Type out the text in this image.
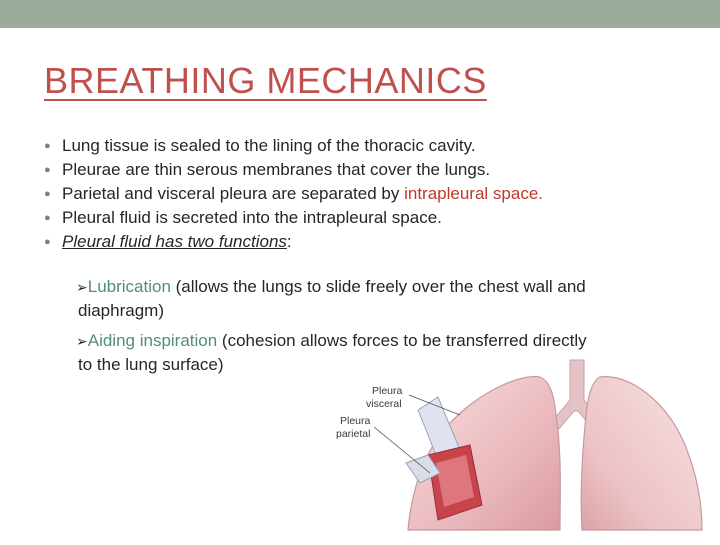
BREATHING MECHANICS
● Lung tissue is sealed to the lining of the thoracic cavity.
● Pleurae are thin serous membranes that cover the lungs.
● Parietal and visceral pleura are separated by intrapleural space.
● Pleural fluid is secreted into the intrapleural space.
● Pleural fluid has two functions:
➢Lubrication (allows the lungs to slide freely over the chest wall and
diaphragm)
➢Aiding inspiration (cohesion allows forces to be transferred directly
to the lung surface)
Pleura
visceral
Pleura
parietal
